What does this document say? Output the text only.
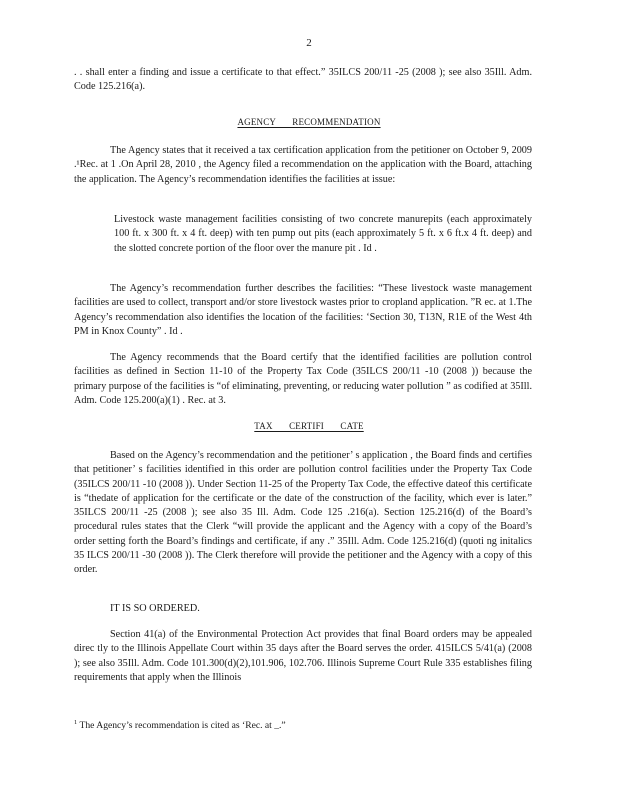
2

. . shall enter a finding and issue a certificate to that effect.” 35ILCS 200/11 -25 (2008 ); see also 35Ill. Adm. Code 125.216(a).

AGENCY RECOMMENDATION

The Agency states that it received a tax certification application from the petitioner on October 9, 2009 .¹Rec. at 1 .On April 28, 2010 , the Agency filed a recommendation on the application with the Board, attaching the application. The Agency’s recommendation identifies the facilities at issue:

Livestock waste management facilities consisting of two concrete manurepits (each approximately 100 ft. x 300 ft. x 4 ft. deep) with ten pump out pits (each approximately 5 ft. x 6 ft.x 4 ft. deep) and the slotted concrete portion of the floor over the manure pit . Id .

The Agency’s recommendation further describes the facilities: “These livestock waste management facilities are used to collect, transport and/or store livestock wastes prior to cropland application. ”R ec. at 1.The Agency’s recommendation also identifies the location of the facilities: ‘Section 30, T13N, R1E of the West 4th PM in Knox County” . Id .

The Agency recommends that the Board certify that the identified facilities are pollution control facilities as defined in Section 11-10 of the Property Tax Code (35ILCS 200/11 -10 (2008 )) because the primary purpose of the facilities is “of eliminating, preventing, or reducing water pollution ” as codified at 35Ill. Adm. Code 125.200(a)(1) . Rec. at 3.

TAX CERTIFI CATE

Based on the Agency’s recommendation and the petitioner’ s application , the Board finds and certifies that petitioner’ s facilities identified in this order are pollution control facilities under the Property Tax Code (35ILCS 200/11 -10 (2008 )). Under Section 11-25 of the Property Tax Code, the effective dateof this certificate is “thedate of application for the certificate or the date of the construction of the facility, which ever is later.” 35ILCS 200/11 -25 (2008 ); see also 35 Ill. Adm. Code 125 .216(a). Section 125.216(d) of the Board’s procedural rules states that the Clerk “will provide the applicant and the Agency with a copy of the Board’s order setting forth the Board’s findings and certificate, if any .” 35Ill. Adm. Code 125.216(d) (quoti ng initalics 35 ILCS 200/11 -30 (2008 )). The Clerk therefore will provide the petitioner and the Agency with a copy of this order.

IT IS SO ORDERED.

Section 41(a) of the Environmental Protection Act provides that final Board orders may be appealed direc tly to the Illinois Appellate Court within 35 days after the Board serves the order. 415ILCS 5/41(a) (2008 ); see also 35Ill. Adm. Code 101.300(d)(2),101.906, 102.706. Illinois Supreme Court Rule 335 establishes filing requirements that apply when the Illinois

$^1$ The Agency’s recommendation is cited as ‘Rec. at _.”
